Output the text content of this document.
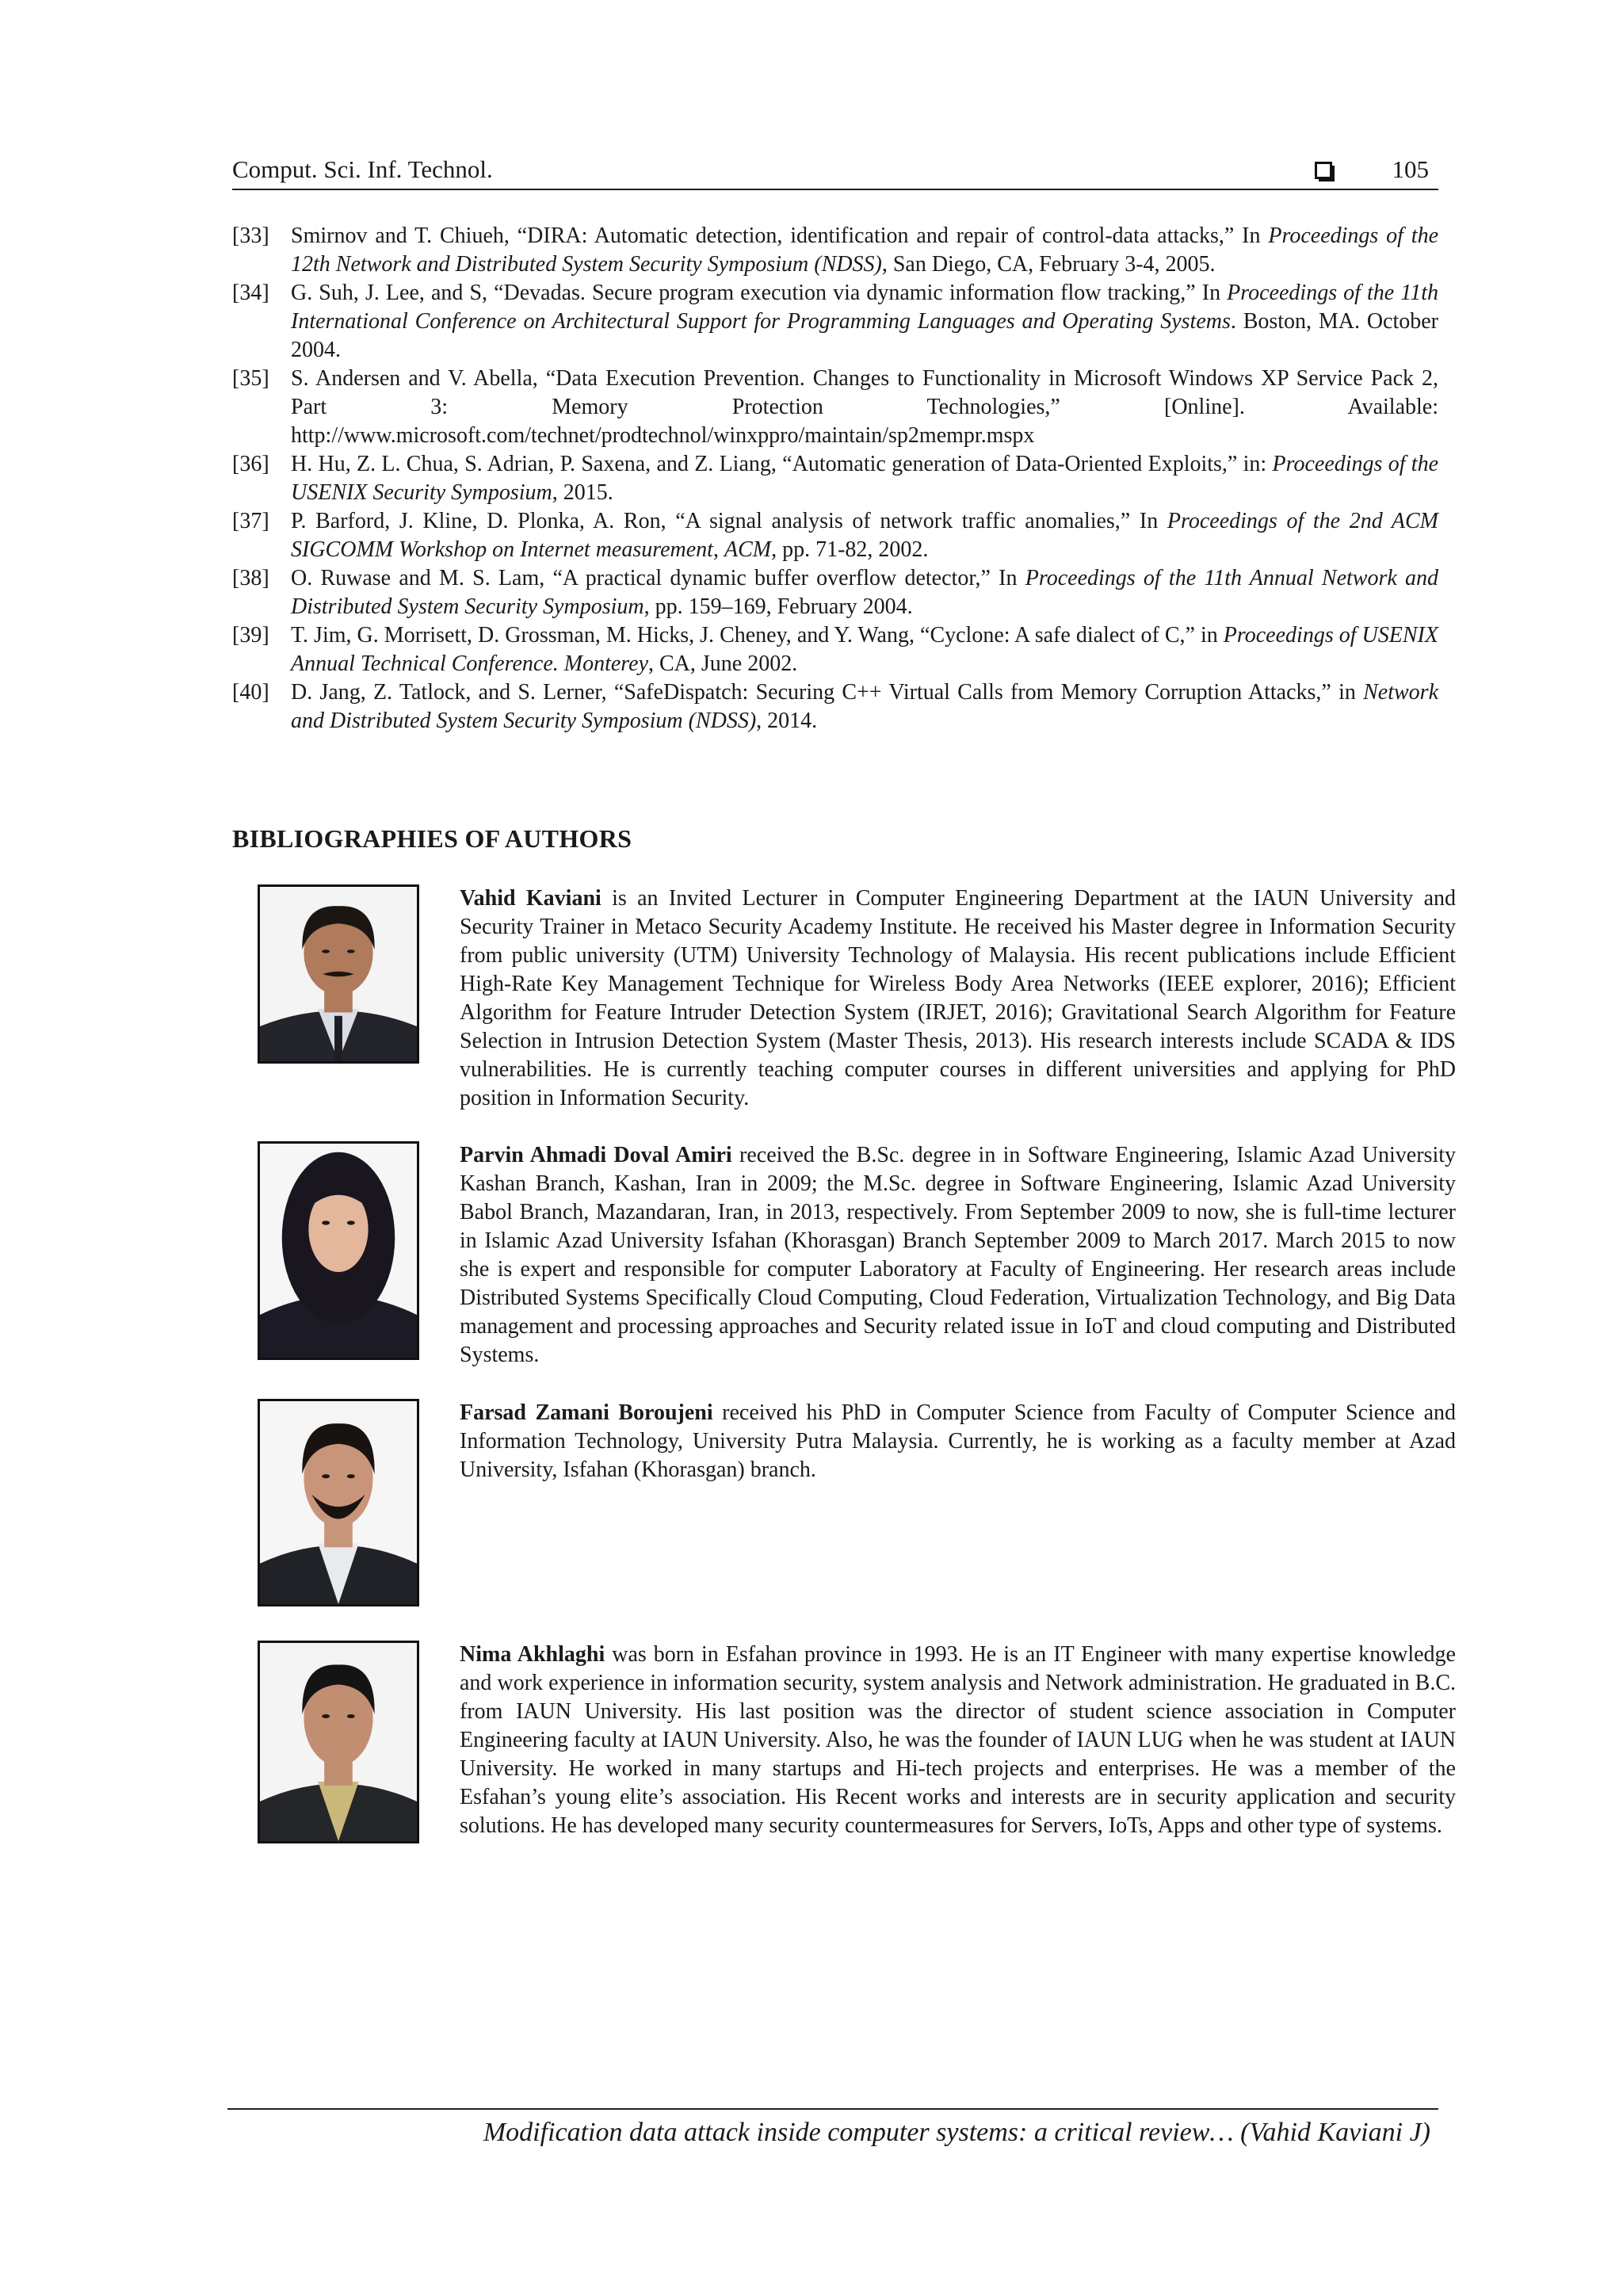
Comput. Sci. Inf. Technol.	105
[33] Smirnov and T. Chiueh, “DIRA: Automatic detection, identification and repair of control-data attacks,” In Proceedings of the 12th Network and Distributed System Security Symposium (NDSS), San Diego, CA, February 3-4, 2005.
[34] G. Suh, J. Lee, and S, “Devadas. Secure program execution via dynamic information flow tracking,” In Proceedings of the 11th International Conference on Architectural Support for Programming Languages and Operating Systems. Boston, MA. October 2004.
[35] S. Andersen and V. Abella, “Data Execution Prevention. Changes to Functionality in Microsoft Windows XP Service Pack 2, Part 3: Memory Protection Technologies,” [Online]. Available: http://www.microsoft.com/technet/prodtechnol/winxppro/maintain/sp2mempr.mspx
[36] H. Hu, Z. L. Chua, S. Adrian, P. Saxena, and Z. Liang, “Automatic generation of Data-Oriented Exploits,” in: Proceedings of the USENIX Security Symposium, 2015.
[37] P. Barford, J. Kline, D. Plonka, A. Ron, “A signal analysis of network traffic anomalies,” In Proceedings of the 2nd ACM SIGCOMM Workshop on Internet measurement, ACM, pp. 71-82, 2002.
[38] O. Ruwase and M. S. Lam, “A practical dynamic buffer overflow detector,” In Proceedings of the 11th Annual Network and Distributed System Security Symposium, pp. 159–169, February 2004.
[39] T. Jim, G. Morrisett, D. Grossman, M. Hicks, J. Cheney, and Y. Wang, “Cyclone: A safe dialect of C,” in Proceedings of USENIX Annual Technical Conference. Monterey, CA, June 2002.
[40] D. Jang, Z. Tatlock, and S. Lerner, “SafeDispatch: Securing C++ Virtual Calls from Memory Corruption Attacks,” in Network and Distributed System Security Symposium (NDSS), 2014.
BIBLIOGRAPHIES OF AUTHORS
Vahid Kaviani is an Invited Lecturer in Computer Engineering Department at the IAUN University and Security Trainer in Metaco Security Academy Institute. He received his Master degree in Information Security from public university (UTM) University Technology of Malaysia. His recent publications include Efficient High-Rate Key Management Technique for Wireless Body Area Networks (IEEE explorer, 2016); Efficient Algorithm for Feature Intruder Detection System (IRJET, 2016); Gravitational Search Algorithm for Feature Selection in Intrusion Detection System (Master Thesis, 2013). His research interests include SCADA & IDS vulnerabilities. He is currently teaching computer courses in different universities and applying for PhD position in Information Security.
Parvin Ahmadi Doval Amiri received the B.Sc. degree in in Software Engineering, Islamic Azad University Kashan Branch, Kashan, Iran in 2009; the M.Sc. degree in Software Engineering, Islamic Azad University Babol Branch, Mazandaran, Iran, in 2013, respectively. From September 2009 to now, she is full-time lecturer in Islamic Azad University Isfahan (Khorasgan) Branch September 2009 to March 2017. March 2015 to now she is expert and responsible for computer Laboratory at Faculty of Engineering. Her research areas include Distributed Systems Specifically Cloud Computing, Cloud Federation, Virtualization Technology, and Big Data management and processing approaches and Security related issue in IoT and cloud computing and Distributed Systems.
Farsad Zamani Boroujeni received his PhD in Computer Science from Faculty of Computer Science and Information Technology, University Putra Malaysia. Currently, he is working as a faculty member at Azad University, Isfahan (Khorasgan) branch.
Nima Akhlaghi was born in Esfahan province in 1993. He is an IT Engineer with many expertise knowledge and work experience in information security, system analysis and Network administration. He graduated in B.C. from IAUN University. His last position was the director of student science association in Computer Engineering faculty at IAUN University. Also, he was the founder of IAUN LUG when he was student at IAUN University. He worked in many startups and Hi-tech projects and enterprises. He was a member of the Esfahan’s young elite’s association. His Recent works and interests are in security application and security solutions. He has developed many security countermeasures for Servers, IoTs, Apps and other type of systems.
Modification data attack inside computer systems: a critical review… (Vahid Kaviani J)
